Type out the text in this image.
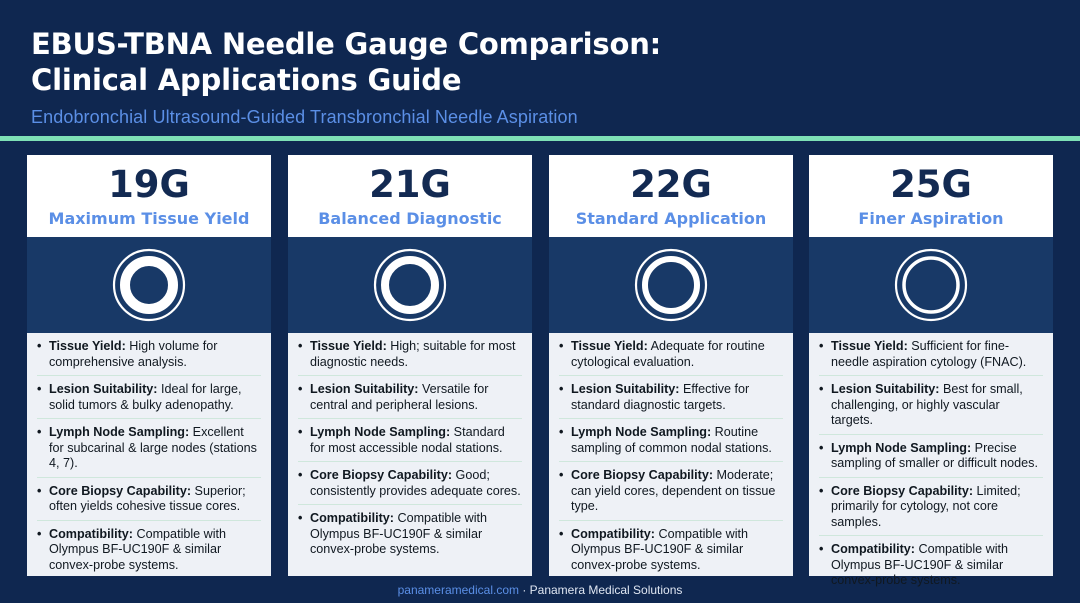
EBUS-TBNA Needle Gauge Comparison:
Clinical Applications Guide
Endobronchial Ultrasound-Guided Transbronchial Needle Aspiration
19G
Maximum Tissue Yield
• Tissue Yield: High volume for comprehensive analysis.
• Lesion Suitability: Ideal for large, solid tumors & bulky adenopathy.
• Lymph Node Sampling: Excellent for subcarinal & large nodes (stations 4, 7).
• Core Biopsy Capability: Superior; often yields cohesive tissue cores.
• Compatibility: Compatible with Olympus BF-UC190F & similar convex-probe systems.
21G
Balanced Diagnostic
• Tissue Yield: High; suitable for most diagnostic needs.
• Lesion Suitability: Versatile for central and peripheral lesions.
• Lymph Node Sampling: Standard for most accessible nodal stations.
• Core Biopsy Capability: Good; consistently provides adequate cores.
• Compatibility: Compatible with Olympus BF-UC190F & similar convex-probe systems.
22G
Standard Application
• Tissue Yield: Adequate for routine cytological evaluation.
• Lesion Suitability: Effective for standard diagnostic targets.
• Lymph Node Sampling: Routine sampling of common nodal stations.
• Core Biopsy Capability: Moderate; can yield cores, dependent on tissue type.
• Compatibility: Compatible with Olympus BF-UC190F & similar convex-probe systems.
25G
Finer Aspiration
• Tissue Yield: Sufficient for fine-needle aspiration cytology (FNAC).
• Lesion Suitability: Best for small, challenging, or highly vascular targets.
• Lymph Node Sampling: Precise sampling of smaller or difficult nodes.
• Core Biopsy Capability: Limited; primarily for cytology, not core samples.
• Compatibility: Compatible with Olympus BF-UC190F & similar convex-probe systems.
panameramedical.com · Panamera Medical Solutions
